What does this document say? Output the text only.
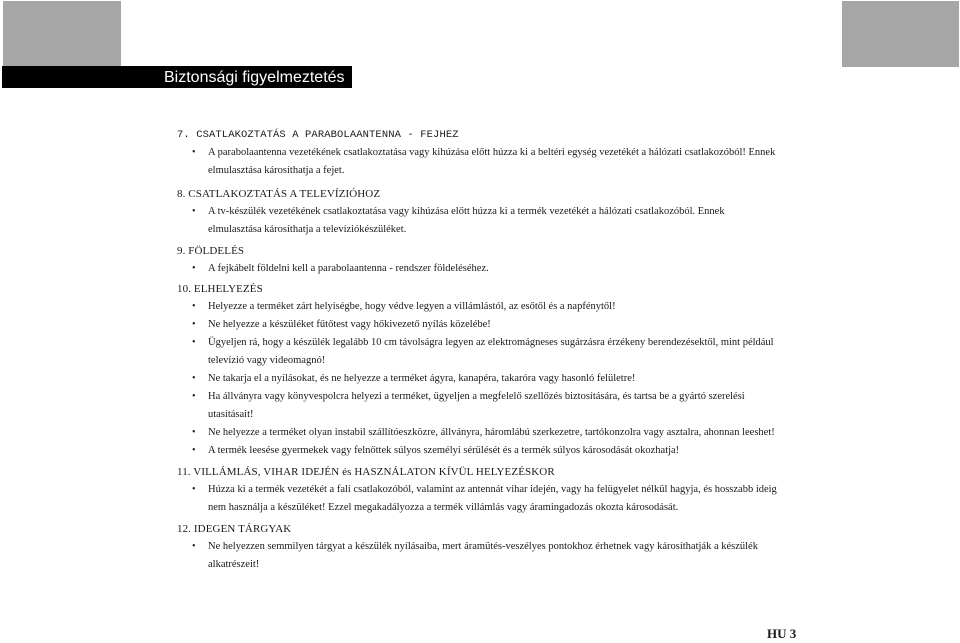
Biztonsági figyelmeztetés
7. CSATLAKOZTATÁS A PARABOLAANTENNA - FEJHEZ
• A parabolaantenna vezetékének csatlakoztatása vagy kihúzása előtt húzza ki a beltéri egység vezetékét a hálózati csatlakozóból! Ennek elmulasztása károsíthatja a fejet.
8. CSATLAKOZTATÁS A TELEVÍZIÓHOZ
• A tv-készülék vezetékének csatlakoztatása vagy kihúzása előtt húzza ki a termék vezetékét a hálózati csatlakozóból. Ennek elmulasztása károsíthatja a televíziókészüléket.
9. FÖLDELÉS
• A fejkábelt földelni kell a parabolaantenna - rendszer földeléséhez.
10. ELHELYEZÉS
• Helyezze a terméket zárt helyiségbe, hogy védve legyen a villámlástól, az esőtől és a napfénytől!
• Ne helyezze a készüléket fűtőtest vagy hőkivezető nyílás közelébe!
• Ügyeljen rá, hogy a készülék legalább 10 cm távolságra legyen az elektromágneses sugárzásra érzékeny berendezésektől, mint például televízió vagy videomagnó!
• Ne takarja el a nyílásokat, és ne helyezze a terméket ágyra, kanapéra, takaróra vagy hasonló felületre!
• Ha állványra vagy könyvespolcra helyezi a terméket, ügyeljen a megfelelő szellőzés biztosítására, és tartsa be a gyártó szerelési utasításait!
• Ne helyezze a terméket olyan instabil szállítóeszközre, állványra, háromlábú szerkezetre, tartókonzolra vagy asztalra, ahonnan leeshet!
• A termék leesése gyermekek vagy felnőttek súlyos személyi sérülését és a termék súlyos károsodását okozhatja!
11. VILLÁMLÁS, VIHAR IDEJÉN és HASZNÁLATON KÍVÜL HELYEZÉSKOR
• Húzza ki a termék vezetékét a fali csatlakozóból, valamint az antennát vihar idején, vagy ha felügyelet nélkül hagyja, és hosszabb ideig nem használja a készüléket! Ezzel megakadályozza a termék villámlás vagy áramingadozás okozta károsodását.
12. IDEGEN TÁRGYAK
• Ne helyezzen semmilyen tárgyat a készülék nyílásaiba, mert áramütés-veszélyes pontokhoz érhetnek vagy károsíthatják a készülék alkatrészeit!
HU 3
